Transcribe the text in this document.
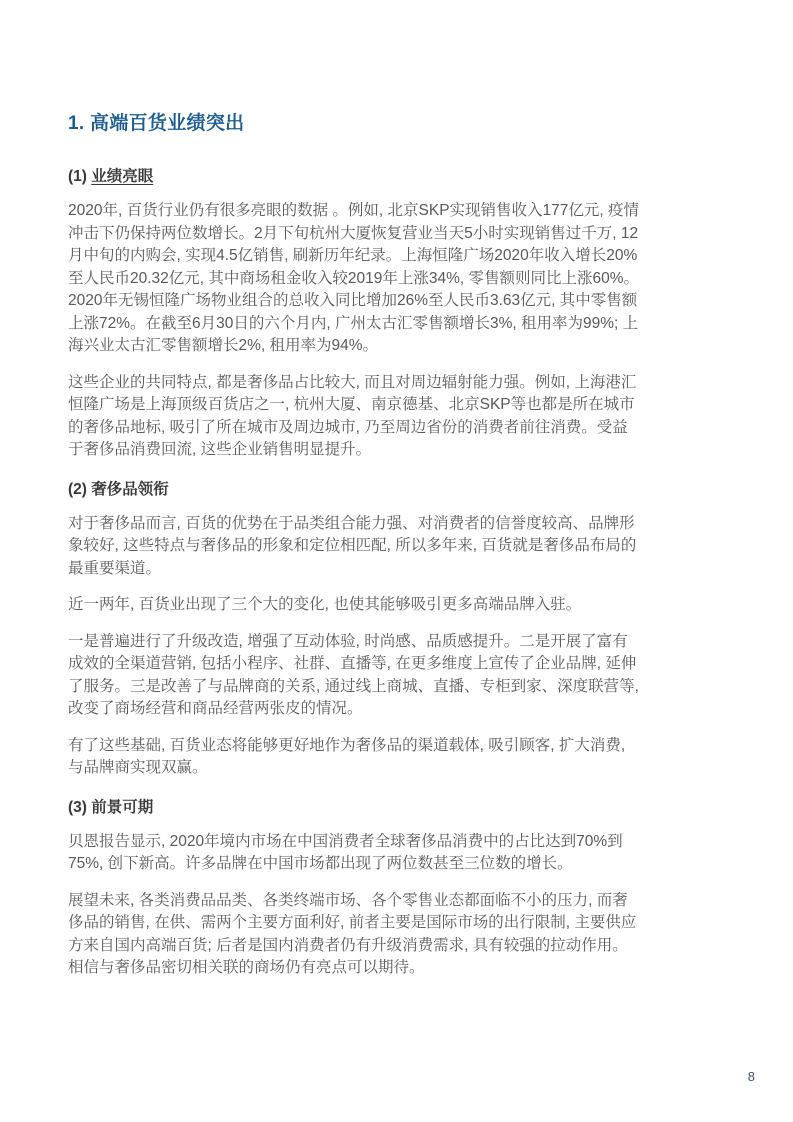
1. 高端百货业绩突出
(1) 业绩亮眼

2020年, 百货行业仍有很多亮眼的数据 。例如, 北京SKP实现销售收入177亿元, 疫情冲击下仍保持两位数增长。2月下旬杭州大厦恢复营业当天5小时实现销售过千万, 12月中旬的内购会, 实现4.5亿销售, 刷新历年纪录。上海恒隆广场2020年收入增长20%至人民币20.32亿元, 其中商场租金收入较2019年上涨34%, 零售额则同比上涨60%。2020年无锡恒隆广场物业组合的总收入同比增加26%至人民币3.63亿元, 其中零售额上涨72%。在截至6月30日的六个月内, 广州太古汇零售额增长3%, 租用率为99%; 上海兴业太古汇零售额增长2%, 租用率为94%。

这些企业的共同特点, 都是奢侈品占比较大, 而且对周边辐射能力强。例如, 上海港汇恒隆广场是上海顶级百货店之一, 杭州大厦、南京德基、北京SKP等也都是所在城市的奢侈品地标, 吸引了所在城市及周边城市, 乃至周边省份的消费者前往消费。受益于奢侈品消费回流, 这些企业销售明显提升。

(2) 奢侈品领衔

对于奢侈品而言, 百货的优势在于品类组合能力强、对消费者的信誉度较高、品牌形象较好, 这些特点与奢侈品的形象和定位相匹配, 所以多年来, 百货就是奢侈品布局的最重要渠道。

近一两年, 百货业出现了三个大的变化, 也使其能够吸引更多高端品牌入驻。

一是普遍进行了升级改造, 增强了互动体验, 时尚感、品质感提升。二是开展了富有成效的全渠道营销, 包括小程序、社群、直播等, 在更多维度上宣传了企业品牌, 延伸了服务。三是改善了与品牌商的关系, 通过线上商城、直播、专柜到家、深度联营等, 改变了商场经营和商品经营两张皮的情况。

有了这些基础, 百货业态将能够更好地作为奢侈品的渠道载体, 吸引顾客, 扩大消费, 与品牌商实现双赢。

(3) 前景可期

贝恩报告显示, 2020年境内市场在中国消费者全球奢侈品消费中的占比达到70%到75%, 创下新高。许多品牌在中国市场都出现了两位数甚至三位数的增长。

展望未来, 各类消费品品类、各类终端市场、各个零售业态都面临不小的压力, 而奢侈品的销售, 在供、需两个主要方面利好, 前者主要是国际市场的出行限制, 主要供应方来自国内高端百货; 后者是国内消费者仍有升级消费需求, 具有较强的拉动作用。相信与奢侈品密切相关联的商场仍有亮点可以期待。

8
